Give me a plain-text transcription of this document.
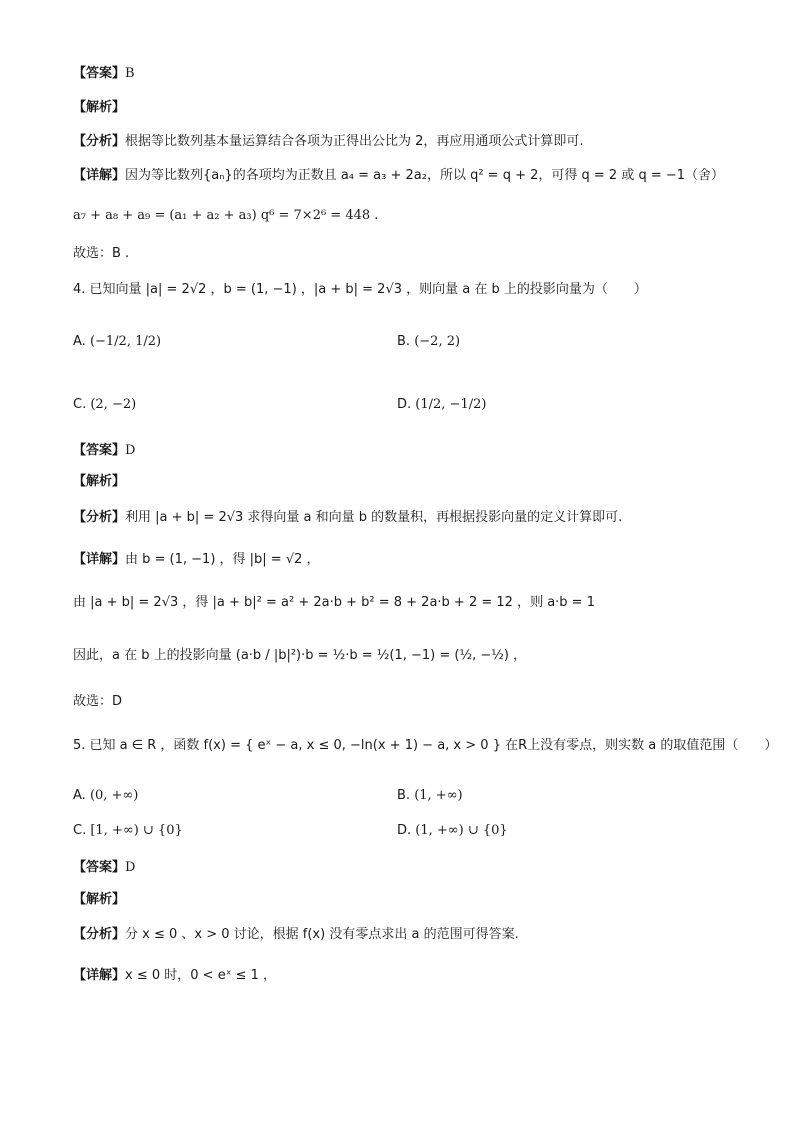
【答案】B
【解析】
【分析】根据等比数列基本量运算结合各项为正得出公比为 2，再应用通项公式计算即可.
【详解】因为等比数列{aₙ}的各项均为正数且 a₄ = a₃ + 2a₂，所以 q² = q + 2，可得 q = 2 或 q = −1（舍）
a₇ + a₈ + a₉ = (a₁ + a₂ + a₃) q⁶ = 7×2⁶ = 448 .
故选：B .
4. 已知向量 |a| = 2√2 ，b = (1, −1) ，|a + b| = 2√3 ，则向量 a 在 b 上的投影向量为（　　）
A. (−1/2, 1/2)	B. (−2, 2)
C. (2, −2)	D. (1/2, −1/2)
【答案】D
【解析】
【分析】利用 |a + b| = 2√3 求得向量 a 和向量 b 的数量积，再根据投影向量的定义计算即可.
【详解】由 b = (1, −1) ，得 |b| = √2 ，
由 |a + b| = 2√3 ，得 |a + b|² = a² + 2a·b + b² = 8 + 2a·b + 2 = 12 ，则 a·b = 1
因此，a 在 b 上的投影向量 (a·b / |b|²)·b = ½·b = ½(1, −1) = (½, −½) ，
故选：D
5. 已知 a ∈ R ，函数 f(x) = { eˣ − a, x ≤ 0, −ln(x + 1) − a, x > 0 } 在R上没有零点，则实数 a 的取值范围（　　）
A. (0, +∞)	B. (1, +∞)
C. [1, +∞) ∪ {0}	D. (1, +∞) ∪ {0}
【答案】D
【解析】
【分析】分 x ≤ 0 、x > 0 讨论，根据 f(x) 没有零点求出 a 的范围可得答案.
【详解】x ≤ 0 时，0 < eˣ ≤ 1 ，
